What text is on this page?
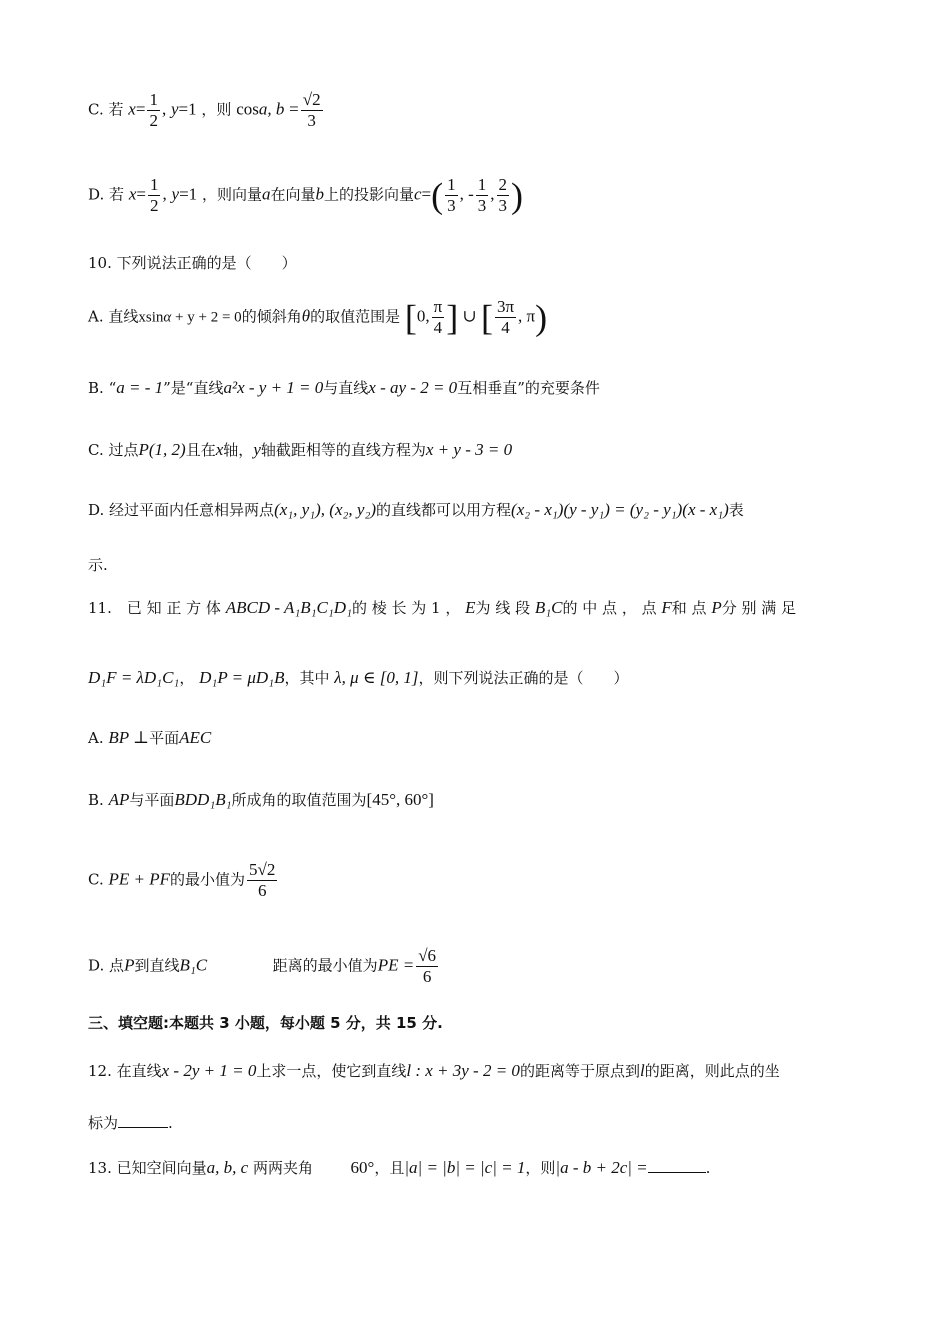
C. 若 $x= \frac{1}{2}$ , y=1 ，则 cosa, $b = \frac{√2}{3}$
D. 若 $x= \frac{1}{2}$ , y=1 ，则向量a在向量b上的投影向量$c=( \frac{1}{3}$ , - $\frac{1}{3}$ , $\frac{2}{3}$ )
10. 下列说法正确的是（　　）
A. 直线xsinα + y + 2 = 0的倾斜角θ的取值范围是 [0, $\frac{\pi}{4}$ ] ∪ [ $\frac{3\pi}{4}$ , π)
B. “a = - 1”是“直线a²x - y + 1 = 0与直线x - ay - 2 = 0互相垂直”的充要条件
C. 过点P(1, 2)且在x轴，y轴截距相等的直线方程为x + y - 3 = 0
D. 经过平面内任意相异两点(x₁, y₁), (x₂, y₂)的直线都可以用方程(x₂ - x₁)(y - y₁) = (y₂ - y₁)(x - x₁)表
示.
11.　已 知 正 方 体 ABCD - A₁B₁C₁D₁的 棱 长 为 1 ， E为 线 段 B₁C的 中 点 ， 点 F和 点 P分 别 满 足
D₁F = λD₁C₁， D₁P = μD₁B，其中 λ, μ ∈ [0, 1]，则下列说法正确的是（　　）
A. BP ⊥平面AEC
B. AP与平面BDD₁B₁所成角的取值范围为[45°, 60°]
C. PE + PF的最小值为 $\frac{5√2}{6}$
D. 点P到直线B₁C	距离的最小值为PE = $\frac{√6}{6}$
三、填空题:本题共 3 小题，每小题 5 分，共 15 分.
12. 在直线x - 2y + 1 = 0上求一点，使它到直线l : x + 3y - 2 = 0的距离等于原点到l的距离，则此点的坐
标为	.
13. 已知空间向量a, b, c 两两夹角 60°，且|a| = |b| = |c| = 1，则|a - b + 2c| =	.
